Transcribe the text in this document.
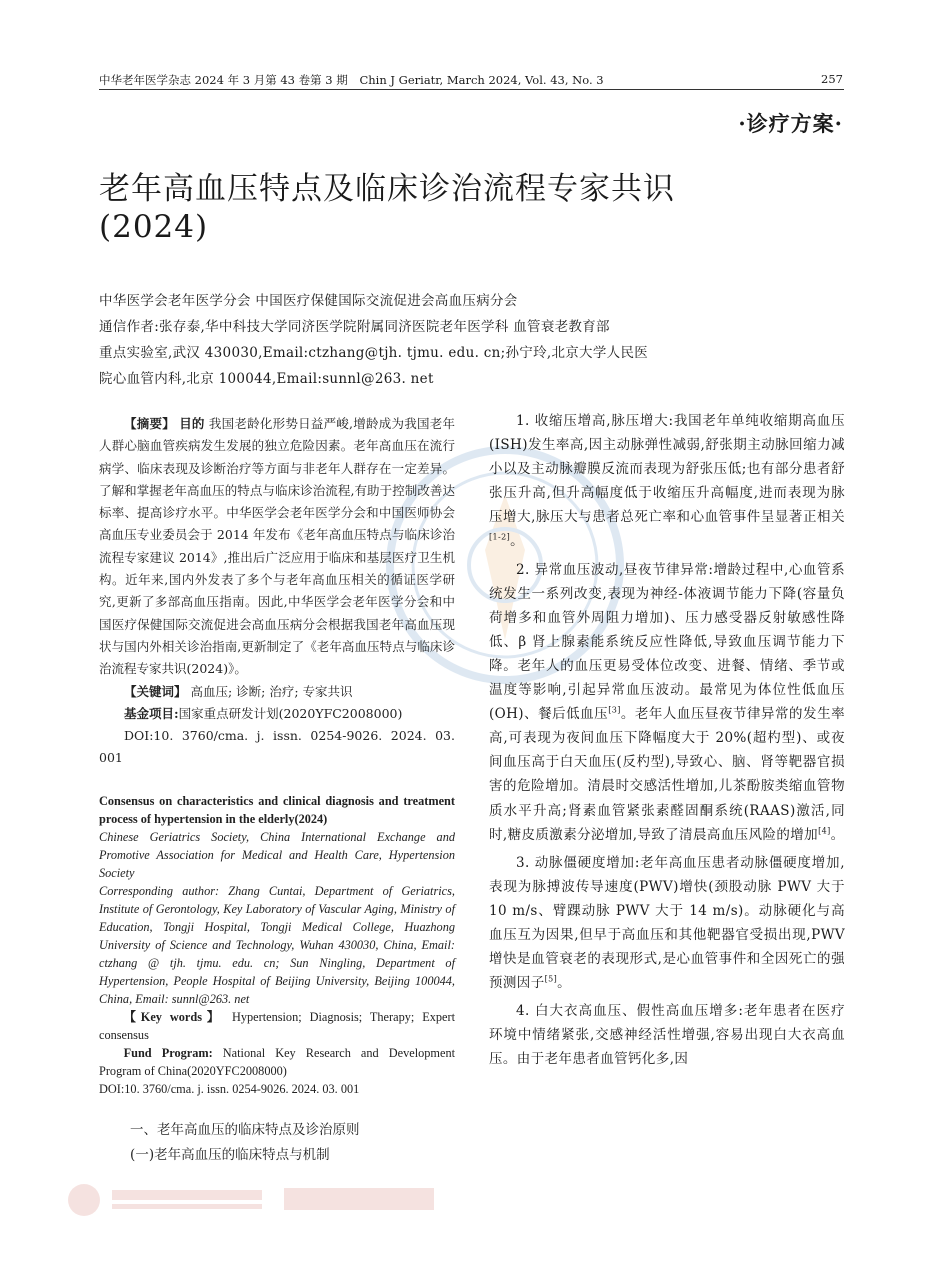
中华老年医学杂志 2024 年 3 月第 43 卷第 3 期 Chin J Geriatr, March 2024, Vol. 43, No. 3	257
·诊疗方案·
老年高血压特点及临床诊治流程专家共识
(2024)

中华医学会老年医学分会 中国医疗保健国际交流促进会高血压病分会

通信作者:张存泰,华中科技大学同济医学院附属同济医院老年医学科 血管衰老教育部

重点实验室,武汉 430030,Email:ctzhang@tjh. tjmu. edu. cn;孙宁玲,北京大学人民医

院心血管内科,北京 100044,Email:sunnl@263. net

【摘要】 目的 我国老龄化形势日益严峻,增龄成为我国老年人群心脑血管疾病发生发展的独立危险因素。老年高血压在流行病学、临床表现及诊断治疗等方面与非老年人群存在一定差异。了解和掌握老年高血压的特点与临床诊治流程,有助于控制改善达标率、提高诊疗水平。中华医学会老年医学分会和中国医师协会高血压专业委员会于 2014 年发布《老年高血压特点与临床诊治流程专家建议 2014》,推出后广泛应用于临床和基层医疗卫生机构。近年来,国内外发表了多个与老年高血压相关的循证医学研究,更新了多部高血压指南。因此,中华医学会老年医学分会和中国医疗保健国际交流促进会高血压病分会根据我国老年高血压现状与国内外相关诊治指南,更新制定了《老年高血压特点与临床诊治流程专家共识(2024)》。

【关键词】 高血压; 诊断; 治疗; 专家共识

基金项目:国家重点研发计划(2020YFC2008000)

DOI:10. 3760/cma. j. issn. 0254-9026. 2024. 03. 001

Consensus on characteristics and clinical diagnosis and treatment process of hypertension in the elderly(2024)

Chinese Geriatrics Society, China International Exchange and Promotive Association for Medical and Health Care, Hypertension Society

Corresponding author: Zhang Cuntai, Department of Geriatrics, Institute of Gerontology, Key Laboratory of Vascular Aging, Ministry of Education, Tongji Hospital, Tongji Medical College, Huazhong University of Science and Technology, Wuhan 430030, China, Email: ctzhang @ tjh. tjmu. edu. cn; Sun Ningling, Department of Hypertension, People Hospital of Beijing University, Beijing 100044, China, Email: sunnl@263. net

【Key words】 Hypertension; Diagnosis; Therapy; Expert consensus

Fund Program: National Key Research and Development Program of China(2020YFC2008000)

DOI:10. 3760/cma. j. issn. 0254-9026. 2024. 03. 001

一、老年高血压的临床特点及诊治原则
(一)老年高血压的临床特点与机制

1. 收缩压增高,脉压增大:我国老年单纯收缩期高血压(ISH)发生率高,因主动脉弹性减弱,舒张期主动脉回缩力减小以及主动脉瓣膜反流而表现为舒张压低;也有部分患者舒张压升高,但升高幅度低于收缩压升高幅度,进而表现为脉压增大,脉压大与患者总死亡率和心血管事件呈显著正相关[1-2]。

2. 异常血压波动,昼夜节律异常:增龄过程中,心血管系统发生一系列改变,表现为神经-体液调节能力下降(容量负荷增多和血管外周阻力增加)、压力感受器反射敏感性降低、β 肾上腺素能系统反应性降低,导致血压调节能力下降。老年人的血压更易受体位改变、进餐、情绪、季节或温度等影响,引起异常血压波动。最常见为体位性低血压(OH)、餐后低血压[3]。老年人血压昼夜节律异常的发生率高,可表现为夜间血压下降幅度大于 20%(超杓型)、或夜间血压高于白天血压(反杓型),导致心、脑、肾等靶器官损害的危险增加。清晨时交感活性增加,儿茶酚胺类缩血管物质水平升高;肾素血管紧张素醛固酮系统(RAAS)激活,同时,糖皮质激素分泌增加,导致了清晨高血压风险的增加[4]。

3. 动脉僵硬度增加:老年高血压患者动脉僵硬度增加,表现为脉搏波传导速度(PWV)增快(颈股动脉 PWV 大于 10 m/s、臂踝动脉 PWV 大于 14 m/s)。动脉硬化与高血压互为因果,但早于高血压和其他靶器官受损出现,PWV 增快是血管衰老的表现形式,是心血管事件和全因死亡的强预测因子[5]。

4. 白大衣高血压、假性高血压增多:老年患者在医疗环境中情绪紧张,交感神经活性增强,容易出现白大衣高血压。由于老年患者血管钙化多,因
